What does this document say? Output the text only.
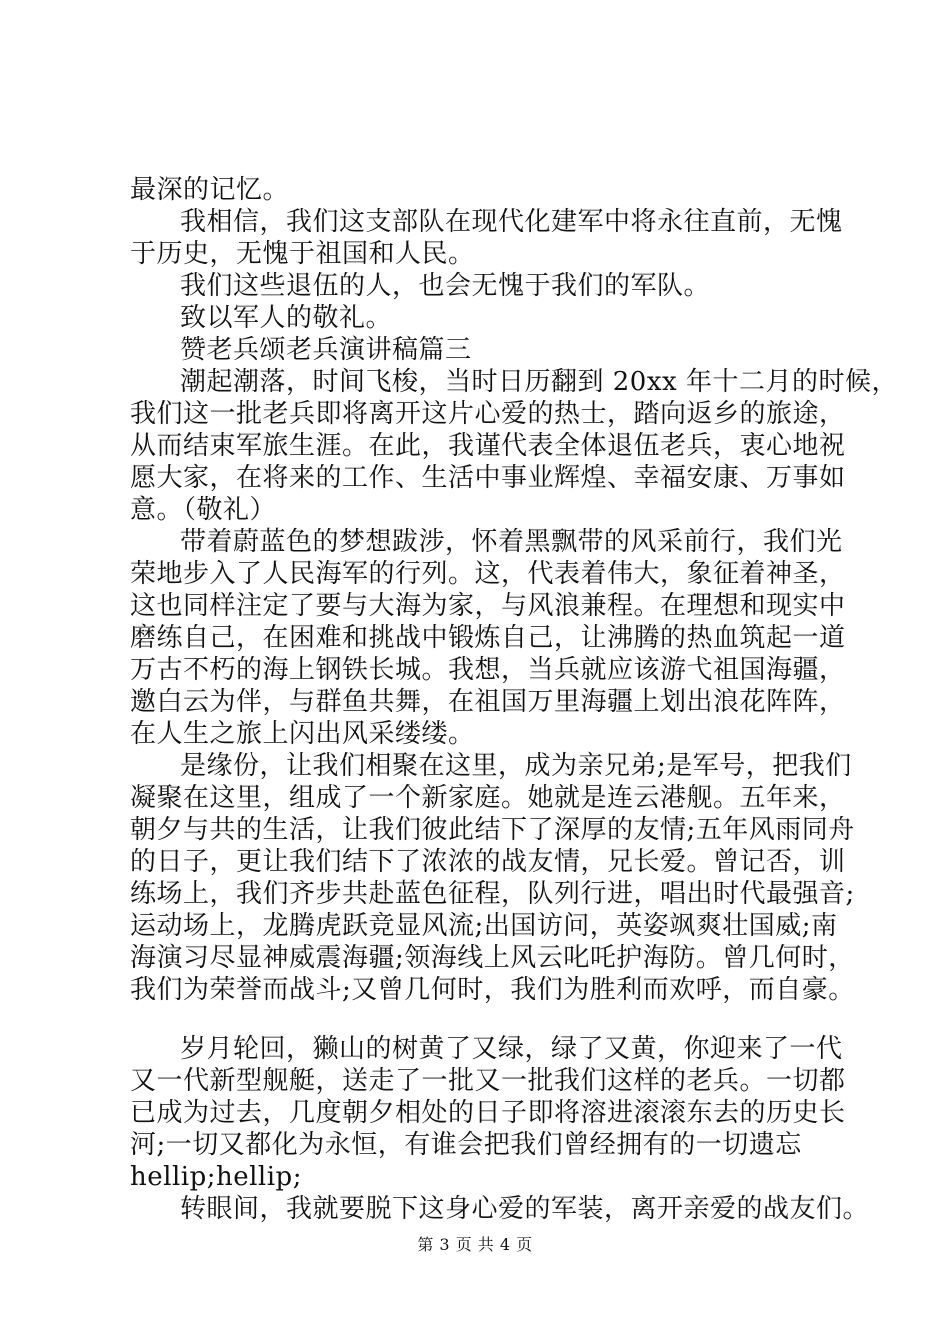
最深的记忆。
我相信，我们这支部队在现代化建军中将永往直前，无愧
于历史，无愧于祖国和人民。
我们这些退伍的人，也会无愧于我们的军队。
致以军人的敬礼。
赞老兵颂老兵演讲稿篇三
潮起潮落，时间飞梭，当时日历翻到 20xx 年十二月的时候，
我们这一批老兵即将离开这片心爱的热士，踏向返乡的旅途，
从而结束军旅生涯。在此，我谨代表全体退伍老兵，衷心地祝
愿大家，在将来的工作、生活中事业辉煌、幸福安康、万事如
意。（敬礼）
带着蔚蓝色的梦想跋涉，怀着黑飘带的风采前行，我们光
荣地步入了人民海军的行列。这，代表着伟大，象征着神圣，
这也同样注定了要与大海为家，与风浪兼程。在理想和现实中
磨练自己，在困难和挑战中锻炼自己，让沸腾的热血筑起一道
万古不朽的海上钢铁长城。我想，当兵就应该游弋祖国海疆，
邀白云为伴，与群鱼共舞，在祖国万里海疆上划出浪花阵阵，
在人生之旅上闪出风采缕缕。
是缘份，让我们相聚在这里，成为亲兄弟;是军号，把我们
凝聚在这里，组成了一个新家庭。她就是连云港舰。五年来，
朝夕与共的生活，让我们彼此结下了深厚的友情;五年风雨同舟
的日子，更让我们结下了浓浓的战友情，兄长爱。曾记否，训
练场上，我们齐步共赴蓝色征程，队列行进，唱出时代最强音;
运动场上，龙腾虎跃竞显风流;出国访问，英姿飒爽壮国威;南
海演习尽显神威震海疆;领海线上风云叱吒护海防。曾几何时，
我们为荣誉而战斗;又曾几何时，我们为胜利而欢呼，而自豪。
岁月轮回，獭山的树黄了又绿，绿了又黄，你迎来了一代
又一代新型舰艇，送走了一批又一批我们这样的老兵。一切都
已成为过去，几度朝夕相处的日子即将溶进滚滚东去的历史长
河;一切又都化为永恒，有谁会把我们曾经拥有的一切遗忘
hellip;hellip;
转眼间，我就要脱下这身心爱的军装，离开亲爱的战友们。
第 3 页 共 4 页
